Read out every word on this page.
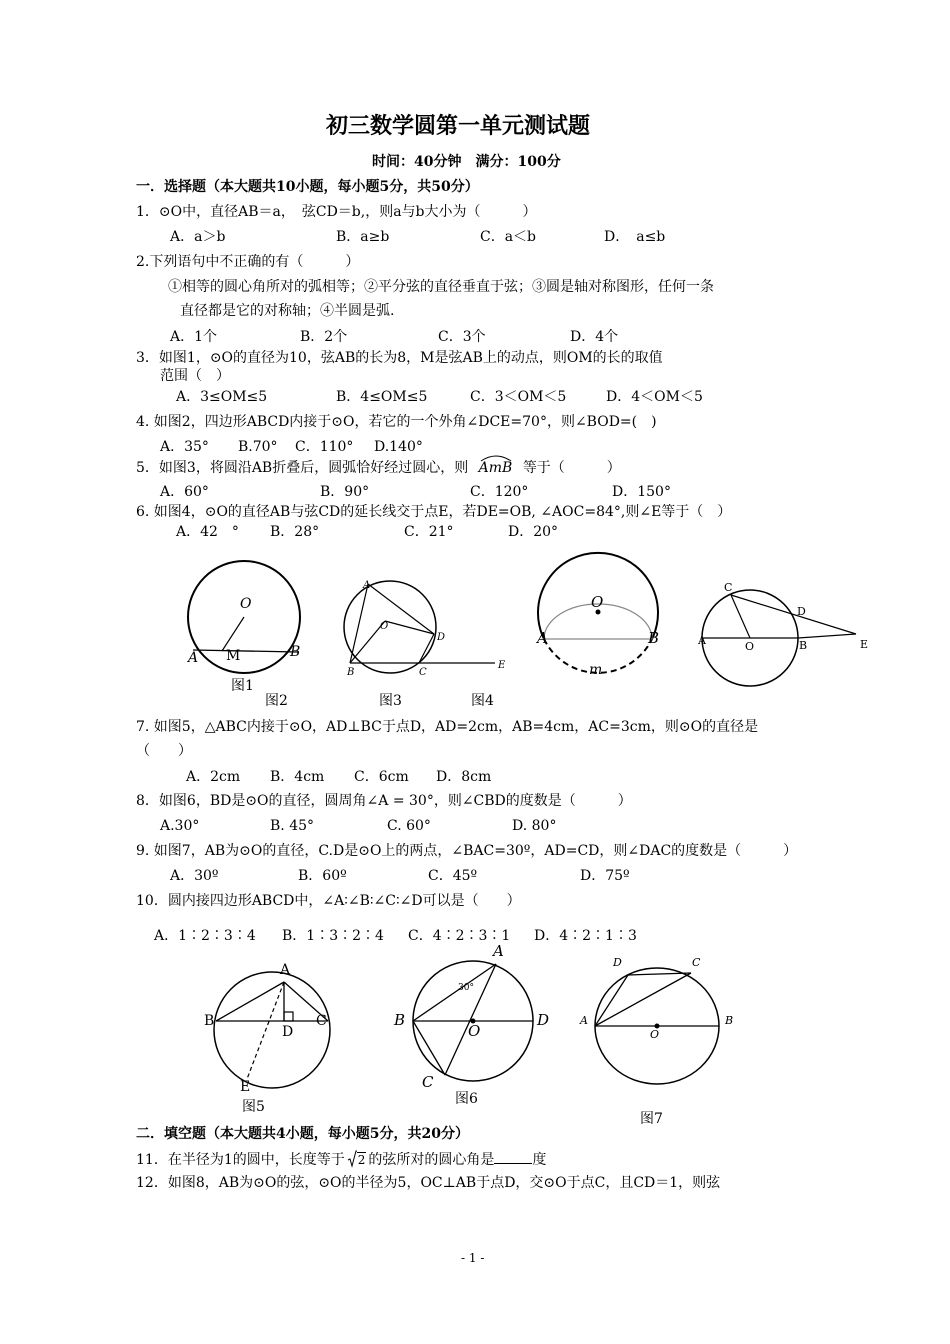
初三数学圆第一单元测试题
时间：40分钟　满分：100分
一．选择题（本大题共10小题，每小题5分，共50分）
1．⊙O中，直径AB＝a，　弦CD＝b,，则a与b大小为（　　　）
A．a＞b	B．a≥b	C．a＜b	D．　a≤b
2.下列语句中不正确的有（　　　）
①相等的圆心角所对的弧相等；②平分弦的直径垂直于弦；③圆是轴对称图形，任何一条
直径都是它的对称轴；④半圆是弧.
A．1个	B．2个	C．3个	D．4个
3．如图1，⊙O的直径为10，弦AB的长为8，M是弦AB上的动点，则OM的长的取值
范围（　）
A．3≤OM≤5	B．4≤OM≤5	C．3＜OM＜5	D．4＜OM＜5
4. 如图2，四边形ABCD内接于⊙O，若它的一个外角∠DCE=70°，则∠BOD=(　)
A．35° B.70° C．110° D.140°
5．如图3，将圆沿AB折叠后，圆弧恰好经过圆心，则 AmB 等于（　　　）
A．60°	B．90°	C．120°	D．150°
6. 如图4，⊙O的直径AB与弦CD的延长线交于点E，若DE=OB, ∠AOC=84°,则∠E等于（　）
A．42　° B．28°	C．21°	D．20°
O
A M	B
图1
A
O
D
B	C
E
图2	图3	图4
O
A	B
m
C
D
A	O	B	E
7. 如图5，△ABC内接于⊙O，AD⊥BC于点D，AD=2cm，AB=4cm，AC=3cm，则⊙O的直径是
（　　）
A．2cm B．4cm C．6cm D．8cm
8．如图6，BD是⊙O的直径，圆周角∠A = 30°，则∠CBD的度数是（　　　）
A.30°	B. 45°	C. 60°	D. 80°
9. 如图7，AB为⊙O的直径，C.D是⊙O上的两点，∠BAC=30º，AD=CD，则∠DAC的度数是（　　　）
A．30º	B．60º	C．45º	D．75º
10．圆内接四边形ABCD中，∠A∶∠B∶∠C∶∠D可以是（　　）
A．1∶2∶3∶4 B．1∶3∶2∶4 C．4∶2∶3∶1 D．4∶2∶1∶3
A
B
D
C
E
图5
A
30°
B
O
D
C
图6
D	C
A
O
B
图7
二．填空题（本大题共4小题，每小题5分，共20分）
11．在半径为1的圆中，长度等于 2 的弦所对的圆心角是	度
12．如图8，AB为⊙O的弦，⊙O的半径为5，OC⊥AB于点D，交⊙O于点C，且CD＝1，则弦
- 1 -
